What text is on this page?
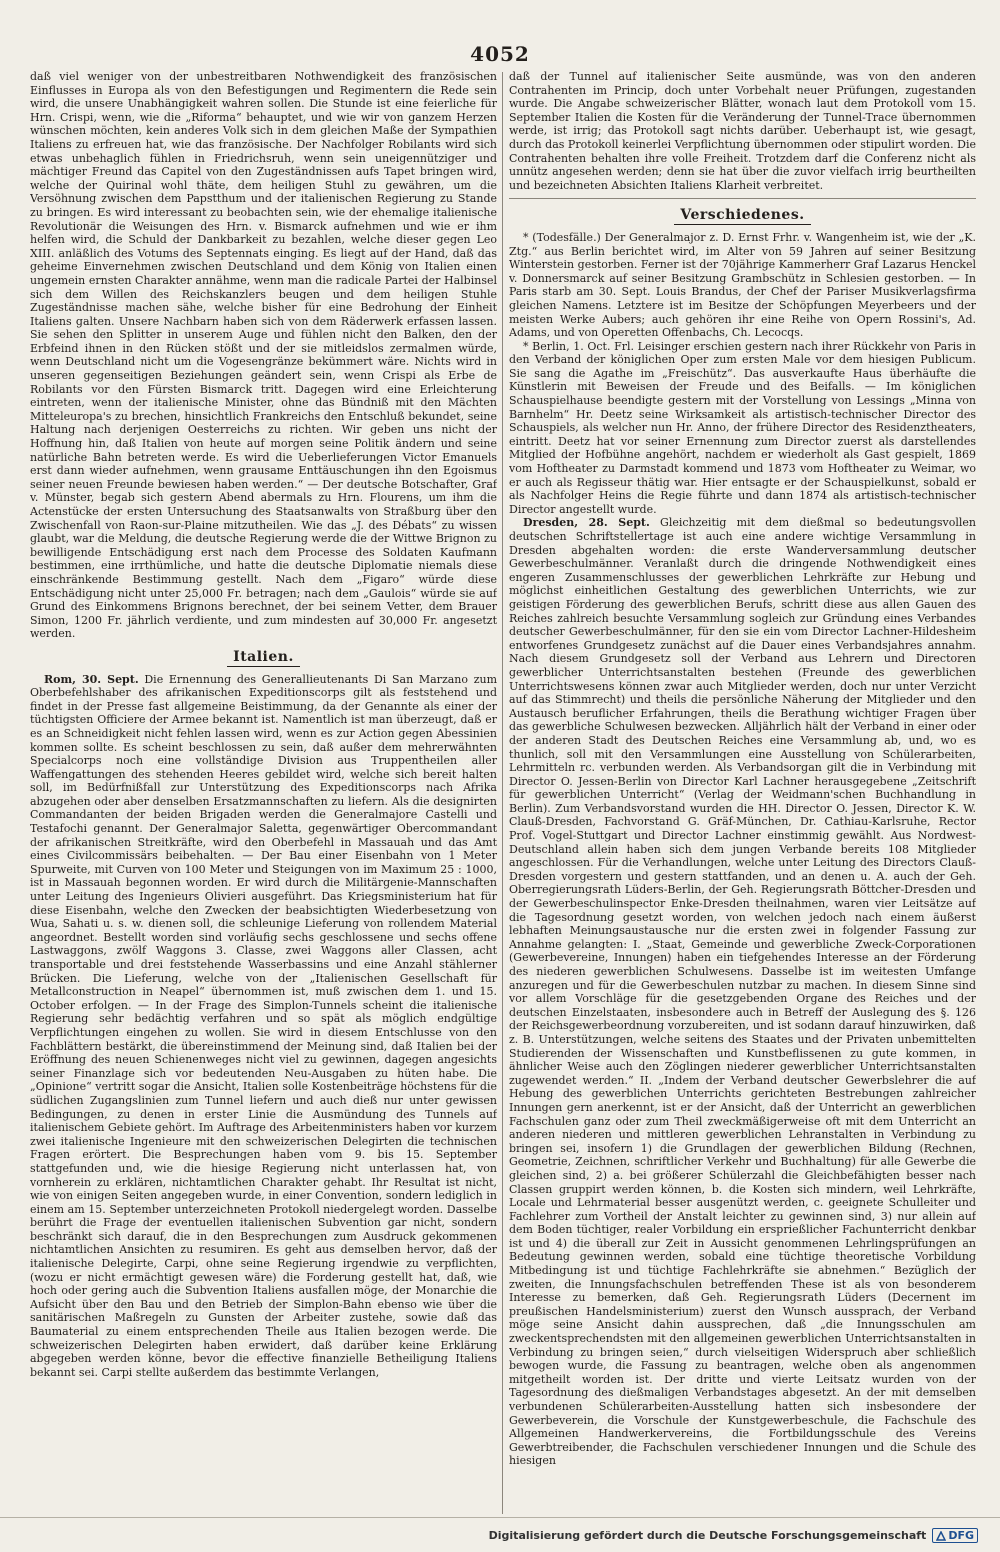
4052

daß viel weniger von der unbestreitbaren Nothwendigkeit des französischen Einflusses in Europa als von den Befestigungen und Regimentern die Rede sein wird, die unsere Unabhängigkeit wahren sollen. Die Stunde ist eine feierliche für Hrn. Crispi, wenn, wie die „Riforma“ behauptet, und wie wir von ganzem Herzen wünschen möchten, kein anderes Volk sich in dem gleichen Maße der Sympathien Italiens zu erfreuen hat, wie das französische. Der Nachfolger Robilants wird sich etwas unbehaglich fühlen in Friedrichsruh, wenn sein uneigennütziger und mächtiger Freund das Capitel von den Zugeständnissen aufs Tapet bringen wird, welche der Quirinal wohl thäte, dem heiligen Stuhl zu gewähren, um die Versöhnung zwischen dem Papstthum und der italienischen Regierung zu Stande zu bringen. Es wird interessant zu beobachten sein, wie der ehemalige italienische Revolutionär die Weisungen des Hrn. v. Bismarck aufnehmen und wie er ihm helfen wird, die Schuld der Dankbarkeit zu bezahlen, welche dieser gegen Leo XIII. anläßlich des Votums des Septennats einging. Es liegt auf der Hand, daß das geheime Einvernehmen zwischen Deutschland und dem König von Italien einen ungemein ernsten Charakter annähme, wenn man die radicale Partei der Halbinsel sich dem Willen des Reichskanzlers beugen und dem heiligen Stuhle Zugeständnisse machen sähe, welche bisher für eine Bedrohung der Einheit Italiens galten. Unsere Nachbarn haben sich von dem Räderwerk erfassen lassen. Sie sehen den Splitter in unserem Auge und fühlen nicht den Balken, den der Erbfeind ihnen in den Rücken stößt und der sie mitleidslos zermalmen würde, wenn Deutschland nicht um die Vogesengränze bekümmert wäre. Nichts wird in unseren gegenseitigen Beziehungen geändert sein, wenn Crispi als Erbe de Robilants vor den Fürsten Bismarck tritt. Dagegen wird eine Erleichterung eintreten, wenn der italienische Minister, ohne das Bündniß mit den Mächten Mitteleuropa's zu brechen, hinsichtlich Frankreichs den Entschluß bekundet, seine Haltung nach derjenigen Oesterreichs zu richten. Wir geben uns nicht der Hoffnung hin, daß Italien von heute auf morgen seine Politik ändern und seine natürliche Bahn betreten werde. Es wird die Ueberlieferungen Victor Emanuels erst dann wieder aufnehmen, wenn grausame Enttäuschungen ihn den Egoismus seiner neuen Freunde bewiesen haben werden.“ — Der deutsche Botschafter, Graf v. Münster, begab sich gestern Abend abermals zu Hrn. Flourens, um ihm die Actenstücke der ersten Untersuchung des Staatsanwalts von Straßburg über den Zwischenfall von Raon-sur-Plaine mitzutheilen. Wie das „J. des Débats“ zu wissen glaubt, war die Meldung, die deutsche Regierung werde die der Wittwe Brignon zu bewilligende Entschädigung erst nach dem Processe des Soldaten Kaufmann bestimmen, eine irrthümliche, und hatte die deutsche Diplomatie niemals diese einschränkende Bestimmung gestellt. Nach dem „Figaro“ würde diese Entschädigung nicht unter 25,000 Fr. betragen; nach dem „Gaulois“ würde sie auf Grund des Einkommens Brignons berechnet, der bei seinem Vetter, dem Brauer Simon, 1200 Fr. jährlich verdiente, und zum mindesten auf 30,000 Fr. angesetzt werden.

Italien.

Rom, 30. Sept. Die Ernennung des Generallieutenants Di San Marzano zum Oberbefehlshaber des afrikanischen Expeditionscorps gilt als feststehend und findet in der Presse fast allgemeine Beistimmung, da der Genannte als einer der tüchtigsten Officiere der Armee bekannt ist. Namentlich ist man überzeugt, daß er es an Schneidigkeit nicht fehlen lassen wird, wenn es zur Action gegen Abessinien kommen sollte. Es scheint beschlossen zu sein, daß außer dem mehrerwähnten Specialcorps noch eine vollständige Division aus Truppentheilen aller Waffengattungen des stehenden Heeres gebildet wird, welche sich bereit halten soll, im Bedürfnißfall zur Unterstützung des Expeditionscorps nach Afrika abzugehen oder aber denselben Ersatzmannschaften zu liefern. Als die designirten Commandanten der beiden Brigaden werden die Generalmajore Castelli und Testafochi genannt. Der Generalmajor Saletta, gegenwärtiger Obercommandant der afrikanischen Streitkräfte, wird den Oberbefehl in Massauah und das Amt eines Civilcommissärs beibehalten. — Der Bau einer Eisenbahn von 1 Meter Spurweite, mit Curven von 100 Meter und Steigungen von im Maximum 25 : 1000, ist in Massauah begonnen worden. Er wird durch die Militärgenie-Mannschaften unter Leitung des Ingenieurs Olivieri ausgeführt. Das Kriegsministerium hat für diese Eisenbahn, welche den Zwecken der beabsichtigten Wiederbesetzung von Wua, Sahati u. s. w. dienen soll, die schleunige Lieferung von rollendem Material angeordnet. Bestellt worden sind vorläufig sechs geschlossene und sechs offene Lastwaggons, zwölf Waggons 3. Classe, zwei Waggons aller Classen, acht transportable und drei feststehende Wasserbassins und eine Anzahl stählerner Brücken. Die Lieferung, welche von der „Italienischen Gesellschaft für Metallconstruction in Neapel“ übernommen ist, muß zwischen dem 1. und 15. October erfolgen. — In der Frage des Simplon-Tunnels scheint die italienische Regierung sehr bedächtig verfahren und so spät als möglich endgültige Verpflichtungen eingehen zu wollen. Sie wird in diesem Entschlusse von den Fachblättern bestärkt, die übereinstimmend der Meinung sind, daß Italien bei der Eröffnung des neuen Schienenweges nicht viel zu gewinnen, dagegen angesichts seiner Finanzlage sich vor bedeutenden Neu-Ausgaben zu hüten habe. Die „Opinione“ vertritt sogar die Ansicht, Italien solle Kostenbeiträge höchstens für die südlichen Zugangslinien zum Tunnel liefern und auch dieß nur unter gewissen Bedingungen, zu denen in erster Linie die Ausmündung des Tunnels auf italienischem Gebiete gehört. Im Auftrage des Arbeitenministers haben vor kurzem zwei italienische Ingenieure mit den schweizerischen Delegirten die technischen Fragen erörtert. Die Besprechungen haben vom 9. bis 15. September stattgefunden und, wie die hiesige Regierung nicht unterlassen hat, von vornherein zu erklären, nichtamtlichen Charakter gehabt. Ihr Resultat ist nicht, wie von einigen Seiten angegeben wurde, in einer Convention, sondern lediglich in einem am 15. September unterzeichneten Protokoll niedergelegt worden. Dasselbe berührt die Frage der eventuellen italienischen Subvention gar nicht, sondern beschränkt sich darauf, die in den Besprechungen zum Ausdruck gekommenen nichtamtlichen Ansichten zu resumiren. Es geht aus demselben hervor, daß der italienische Delegirte, Carpi, ohne seine Regierung irgendwie zu verpflichten, (wozu er nicht ermächtigt gewesen wäre) die Forderung gestellt hat, daß, wie hoch oder gering auch die Subvention Italiens ausfallen möge, der Monarchie die Aufsicht über den Bau und den Betrieb der Simplon-Bahn ebenso wie über die sanitärischen Maßregeln zu Gunsten der Arbeiter zustehe, sowie daß das Baumaterial zu einem entsprechenden Theile aus Italien bezogen werde. Die schweizerischen Delegirten haben erwidert, daß darüber keine Erklärung abgegeben werden könne, bevor die effective finanzielle Betheiligung Italiens bekannt sei. Carpi stellte außerdem das bestimmte Verlangen,

daß der Tunnel auf italienischer Seite ausmünde, was von den anderen Contrahenten im Princip, doch unter Vorbehalt neuer Prüfungen, zugestanden wurde. Die Angabe schweizerischer Blätter, wonach laut dem Protokoll vom 15. September Italien die Kosten für die Veränderung der Tunnel-Trace übernommen werde, ist irrig; das Protokoll sagt nichts darüber. Ueberhaupt ist, wie gesagt, durch das Protokoll keinerlei Verpflichtung übernommen oder stipulirt worden. Die Contrahenten behalten ihre volle Freiheit. Trotzdem darf die Conferenz nicht als unnütz angesehen werden; denn sie hat über die zuvor vielfach irrig beurtheilten und bezeichneten Absichten Italiens Klarheit verbreitet.

Verschiedenes.

* (Todesfälle.) Der Generalmajor z. D. Ernst Frhr. v. Wangenheim ist, wie der „K. Ztg.“ aus Berlin berichtet wird, im Alter von 59 Jahren auf seiner Besitzung Winterstein gestorben. Ferner ist der 70jährige Kammerherr Graf Lazarus Henckel v. Donnersmarck auf seiner Besitzung Grambschütz in Schlesien gestorben. — In Paris starb am 30. Sept. Louis Brandus, der Chef der Pariser Musikverlagsfirma gleichen Namens. Letztere ist im Besitze der Schöpfungen Meyerbeers und der meisten Werke Aubers; auch gehören ihr eine Reihe von Opern Rossini's, Ad. Adams, und von Operetten Offenbachs, Ch. Lecocqs.

* Berlin, 1. Oct. Frl. Leisinger erschien gestern nach ihrer Rückkehr von Paris in den Verband der königlichen Oper zum ersten Male vor dem hiesigen Publicum. Sie sang die Agathe im „Freischütz“. Das ausverkaufte Haus überhäufte die Künstlerin mit Beweisen der Freude und des Beifalls. — Im königlichen Schauspielhause beendigte gestern mit der Vorstellung von Lessings „Minna von Barnhelm“ Hr. Deetz seine Wirksamkeit als artistisch-technischer Director des Schauspiels, als welcher nun Hr. Anno, der frühere Director des Residenztheaters, eintritt. Deetz hat vor seiner Ernennung zum Director zuerst als darstellendes Mitglied der Hofbühne angehört, nachdem er wiederholt als Gast gespielt, 1869 vom Hoftheater zu Darmstadt kommend und 1873 vom Hoftheater zu Weimar, wo er auch als Regisseur thätig war. Hier entsagte er der Schauspielkunst, sobald er als Nachfolger Heins die Regie führte und dann 1874 als artistisch-technischer Director angestellt wurde.

Dresden, 28. Sept. Gleichzeitig mit dem dießmal so bedeutungsvollen deutschen Schriftstellertage ist auch eine andere wichtige Versammlung in Dresden abgehalten worden: die erste Wanderversammlung deutscher Gewerbeschulmänner. Veranlaßt durch die dringende Nothwendigkeit eines engeren Zusammenschlusses der gewerblichen Lehrkräfte zur Hebung und möglichst einheitlichen Gestaltung des gewerblichen Unterrichts, wie zur geistigen Förderung des gewerblichen Berufs, schritt diese aus allen Gauen des Reiches zahlreich besuchte Versammlung sogleich zur Gründung eines Verbandes deutscher Gewerbeschulmänner, für den sie ein vom Director Lachner-Hildesheim entworfenes Grundgesetz zunächst auf die Dauer eines Verbandsjahres annahm. Nach diesem Grundgesetz soll der Verband aus Lehrern und Directoren gewerblicher Unterrichtsanstalten bestehen (Freunde des gewerblichen Unterrichtswesens können zwar auch Mitglieder werden, doch nur unter Verzicht auf das Stimmrecht) und theils die persönliche Näherung der Mitglieder und den Austausch beruflicher Erfahrungen, theils die Berathung wichtiger Fragen über das gewerbliche Schulwesen bezwecken. Alljährlich hält der Verband in einer oder der anderen Stadt des Deutschen Reiches eine Versammlung ab, und, wo es thunlich, soll mit den Versammlungen eine Ausstellung von Schülerarbeiten, Lehrmitteln rc. verbunden werden. Als Verbandsorgan gilt die in Verbindung mit Director O. Jessen-Berlin von Director Karl Lachner herausgegebene „Zeitschrift für gewerblichen Unterricht“ (Verlag der Weidmann'schen Buchhandlung in Berlin). Zum Verbandsvorstand wurden die HH. Director O. Jessen, Director K. W. Clauß-Dresden, Fachvorstand G. Gräf-München, Dr. Cathiau-Karlsruhe, Rector Prof. Vogel-Stuttgart und Director Lachner einstimmig gewählt. Aus Nordwest-Deutschland allein haben sich dem jungen Verbande bereits 108 Mitglieder angeschlossen. Für die Verhandlungen, welche unter Leitung des Directors Clauß-Dresden vorgestern und gestern stattfanden, und an denen u. A. auch der Geh. Oberregierungsrath Lüders-Berlin, der Geh. Regierungsrath Böttcher-Dresden und der Gewerbeschulinspector Enke-Dresden theilnahmen, waren vier Leitsätze auf die Tagesordnung gesetzt worden, von welchen jedoch nach einem äußerst lebhaften Meinungsaustausche nur die ersten zwei in folgender Fassung zur Annahme gelangten: I. „Staat, Gemeinde und gewerbliche Zweck-Corporationen (Gewerbevereine, Innungen) haben ein tiefgehendes Interesse an der Förderung des niederen gewerblichen Schulwesens. Dasselbe ist im weitesten Umfange anzuregen und für die Gewerbeschulen nutzbar zu machen. In diesem Sinne sind vor allem Vorschläge für die gesetzgebenden Organe des Reiches und der deutschen Einzelstaaten, insbesondere auch in Betreff der Auslegung des §. 126 der Reichsgewerbeordnung vorzubereiten, und ist sodann darauf hinzuwirken, daß z. B. Unterstützungen, welche seitens des Staates und der Privaten unbemittelten Studierenden der Wissenschaften und Kunstbeflissenen zu gute kommen, in ähnlicher Weise auch den Zöglingen niederer gewerblicher Unterrichtsanstalten zugewendet werden.“ II. „Indem der Verband deutscher Gewerbslehrer die auf Hebung des gewerblichen Unterrichts gerichteten Bestrebungen zahlreicher Innungen gern anerkennt, ist er der Ansicht, daß der Unterricht an gewerblichen Fachschulen ganz oder zum Theil zweckmäßigerweise oft mit dem Unterricht an anderen niederen und mittleren gewerblichen Lehranstalten in Verbindung zu bringen sei, insofern 1) die Grundlagen der gewerblichen Bildung (Rechnen, Geometrie, Zeichnen, schriftlicher Verkehr und Buchhaltung) für alle Gewerbe die gleichen sind, 2) a. bei größerer Schülerzahl die Gleichbefähigten besser nach Classen gruppirt werden können, b. die Kosten sich mindern, weil Lehrkräfte, Locale und Lehrmaterial besser ausgenützt werden, c. geeignete Schulleiter und Fachlehrer zum Vortheil der Anstalt leichter zu gewinnen sind, 3) nur allein auf dem Boden tüchtiger, realer Vorbildung ein ersprießlicher Fachunterricht denkbar ist und 4) die überall zur Zeit in Aussicht genommenen Lehrlingsprüfungen an Bedeutung gewinnen werden, sobald eine tüchtige theoretische Vorbildung Mitbedingung ist und tüchtige Fachlehrkräfte sie abnehmen.“ Bezüglich der zweiten, die Innungsfachschulen betreffenden These ist als von besonderem Interesse zu bemerken, daß Geh. Regierungsrath Lüders (Decernent im preußischen Handelsministerium) zuerst den Wunsch aussprach, der Verband möge seine Ansicht dahin aussprechen, daß „die Innungsschulen am zweckentsprechendsten mit den allgemeinen gewerblichen Unterrichtsanstalten in Verbindung zu bringen seien,“ durch vielseitigen Widerspruch aber schließlich bewogen wurde, die Fassung zu beantragen, welche oben als angenommen mitgetheilt worden ist. Der dritte und vierte Leitsatz wurden von der Tagesordnung des dießmaligen Verbandstages abgesetzt. An der mit demselben verbundenen Schülerarbeiten-Ausstellung hatten sich insbesondere der Gewerbeverein, die Vorschule der Kunstgewerbeschule, die Fachschule des Allgemeinen Handwerkervereins, die Fortbildungsschule des Vereins Gewerbtreibender, die Fachschulen verschiedener Innungen und die Schule des hiesigen

Digitalisierung gefördert durch die Deutsche Forschungsgemeinschaft DFG
